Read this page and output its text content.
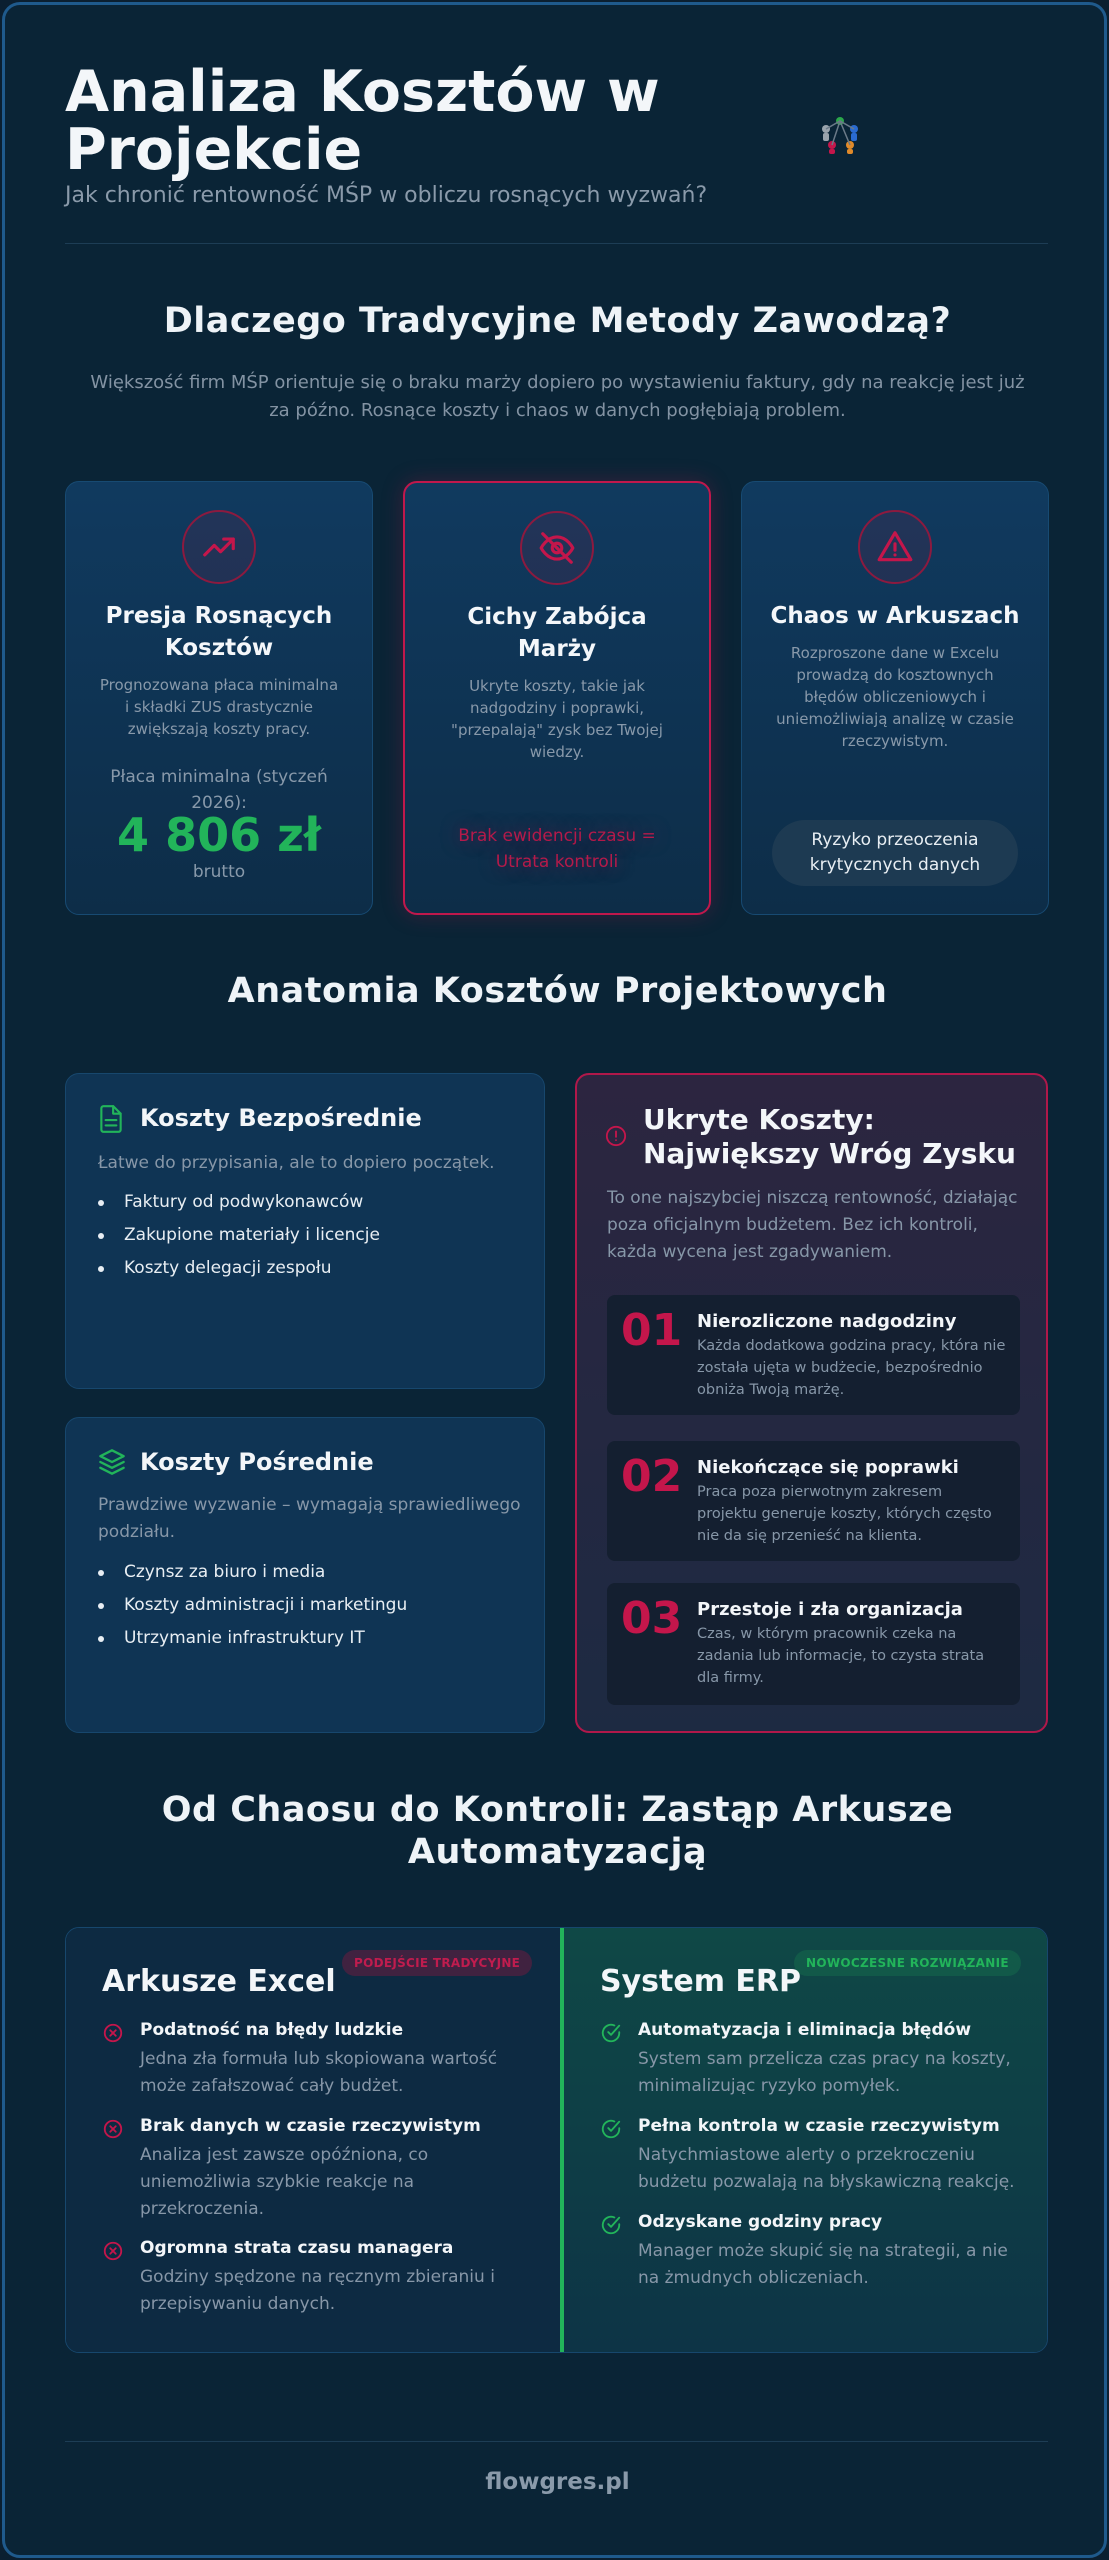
Analiza Kosztów w Projekcie
Jak chronić rentowność MŚP w obliczu rosnących wyzwań?
Dlaczego Tradycyjne Metody Zawodzą?
Większość firm MŚP orientuje się o braku marży dopiero po wystawieniu faktury, gdy na reakcję jest już za późno. Rosnące koszty i chaos w danych pogłębiają problem.
Presja Rosnących Kosztów
Prognozowana płaca minimalna i składki ZUS drastycznie zwiększają koszty pracy.
Płaca minimalna (styczeń 2026):
4 806 zł
brutto
Cichy Zabójca Marży
Ukryte koszty, takie jak nadgodziny i poprawki, "przepalają" zysk bez Twojej wiedzy.
Brak ewidencji czasu = Utrata kontroli
Chaos w Arkuszach
Rozproszone dane w Excelu prowadzą do kosztownych błędów obliczeniowych i uniemożliwiają analizę w czasie rzeczywistym.
Ryzyko przeoczenia krytycznych danych
Anatomia Kosztów Projektowych
Koszty Bezpośrednie
Łatwe do przypisania, ale to dopiero początek.
Faktury od podwykonawców
Zakupione materiały i licencje
Koszty delegacji zespołu
Koszty Pośrednie
Prawdziwe wyzwanie – wymagają sprawiedliwego podziału.
Czynsz za biuro i media
Koszty administracji i marketingu
Utrzymanie infrastruktury IT
Ukryte Koszty: Największy Wróg Zysku
To one najszybciej niszczą rentowność, działając poza oficjalnym budżetem. Bez ich kontroli, każda wycena jest zgadywaniem.
01 Nierozliczone nadgodziny
Każda dodatkowa godzina pracy, która nie została ujęta w budżecie, bezpośrednio obniża Twoją marżę.
02 Niekończące się poprawki
Praca poza pierwotnym zakresem projektu generuje koszty, których często nie da się przenieść na klienta.
03 Przestoje i zła organizacja
Czas, w którym pracownik czeka na zadania lub informacje, to czysta strata dla firmy.
Od Chaosu do Kontroli: Zastąp Arkusze Automatyzacją
Arkusze Excel
PODEJŚCIE TRADYCYJNE
Podatność na błędy ludzkie
Jedna zła formuła lub skopiowana wartość może zafałszować cały budżet.
Brak danych w czasie rzeczywistym
Analiza jest zawsze opóźniona, co uniemożliwia szybkie reakcje na przekroczenia.
Ogromna strata czasu managera
Godziny spędzone na ręcznym zbieraniu i przepisywaniu danych.
System ERP
NOWOCZESNE ROZWIĄZANIE
Automatyzacja i eliminacja błędów
System sam przelicza czas pracy na koszty, minimalizując ryzyko pomyłek.
Pełna kontrola w czasie rzeczywistym
Natychmiastowe alerty o przekroczeniu budżetu pozwalają na błyskawiczną reakcję.
Odzyskane godziny pracy
Manager może skupić się na strategii, a nie na żmudnych obliczeniach.
flowgres.pl
